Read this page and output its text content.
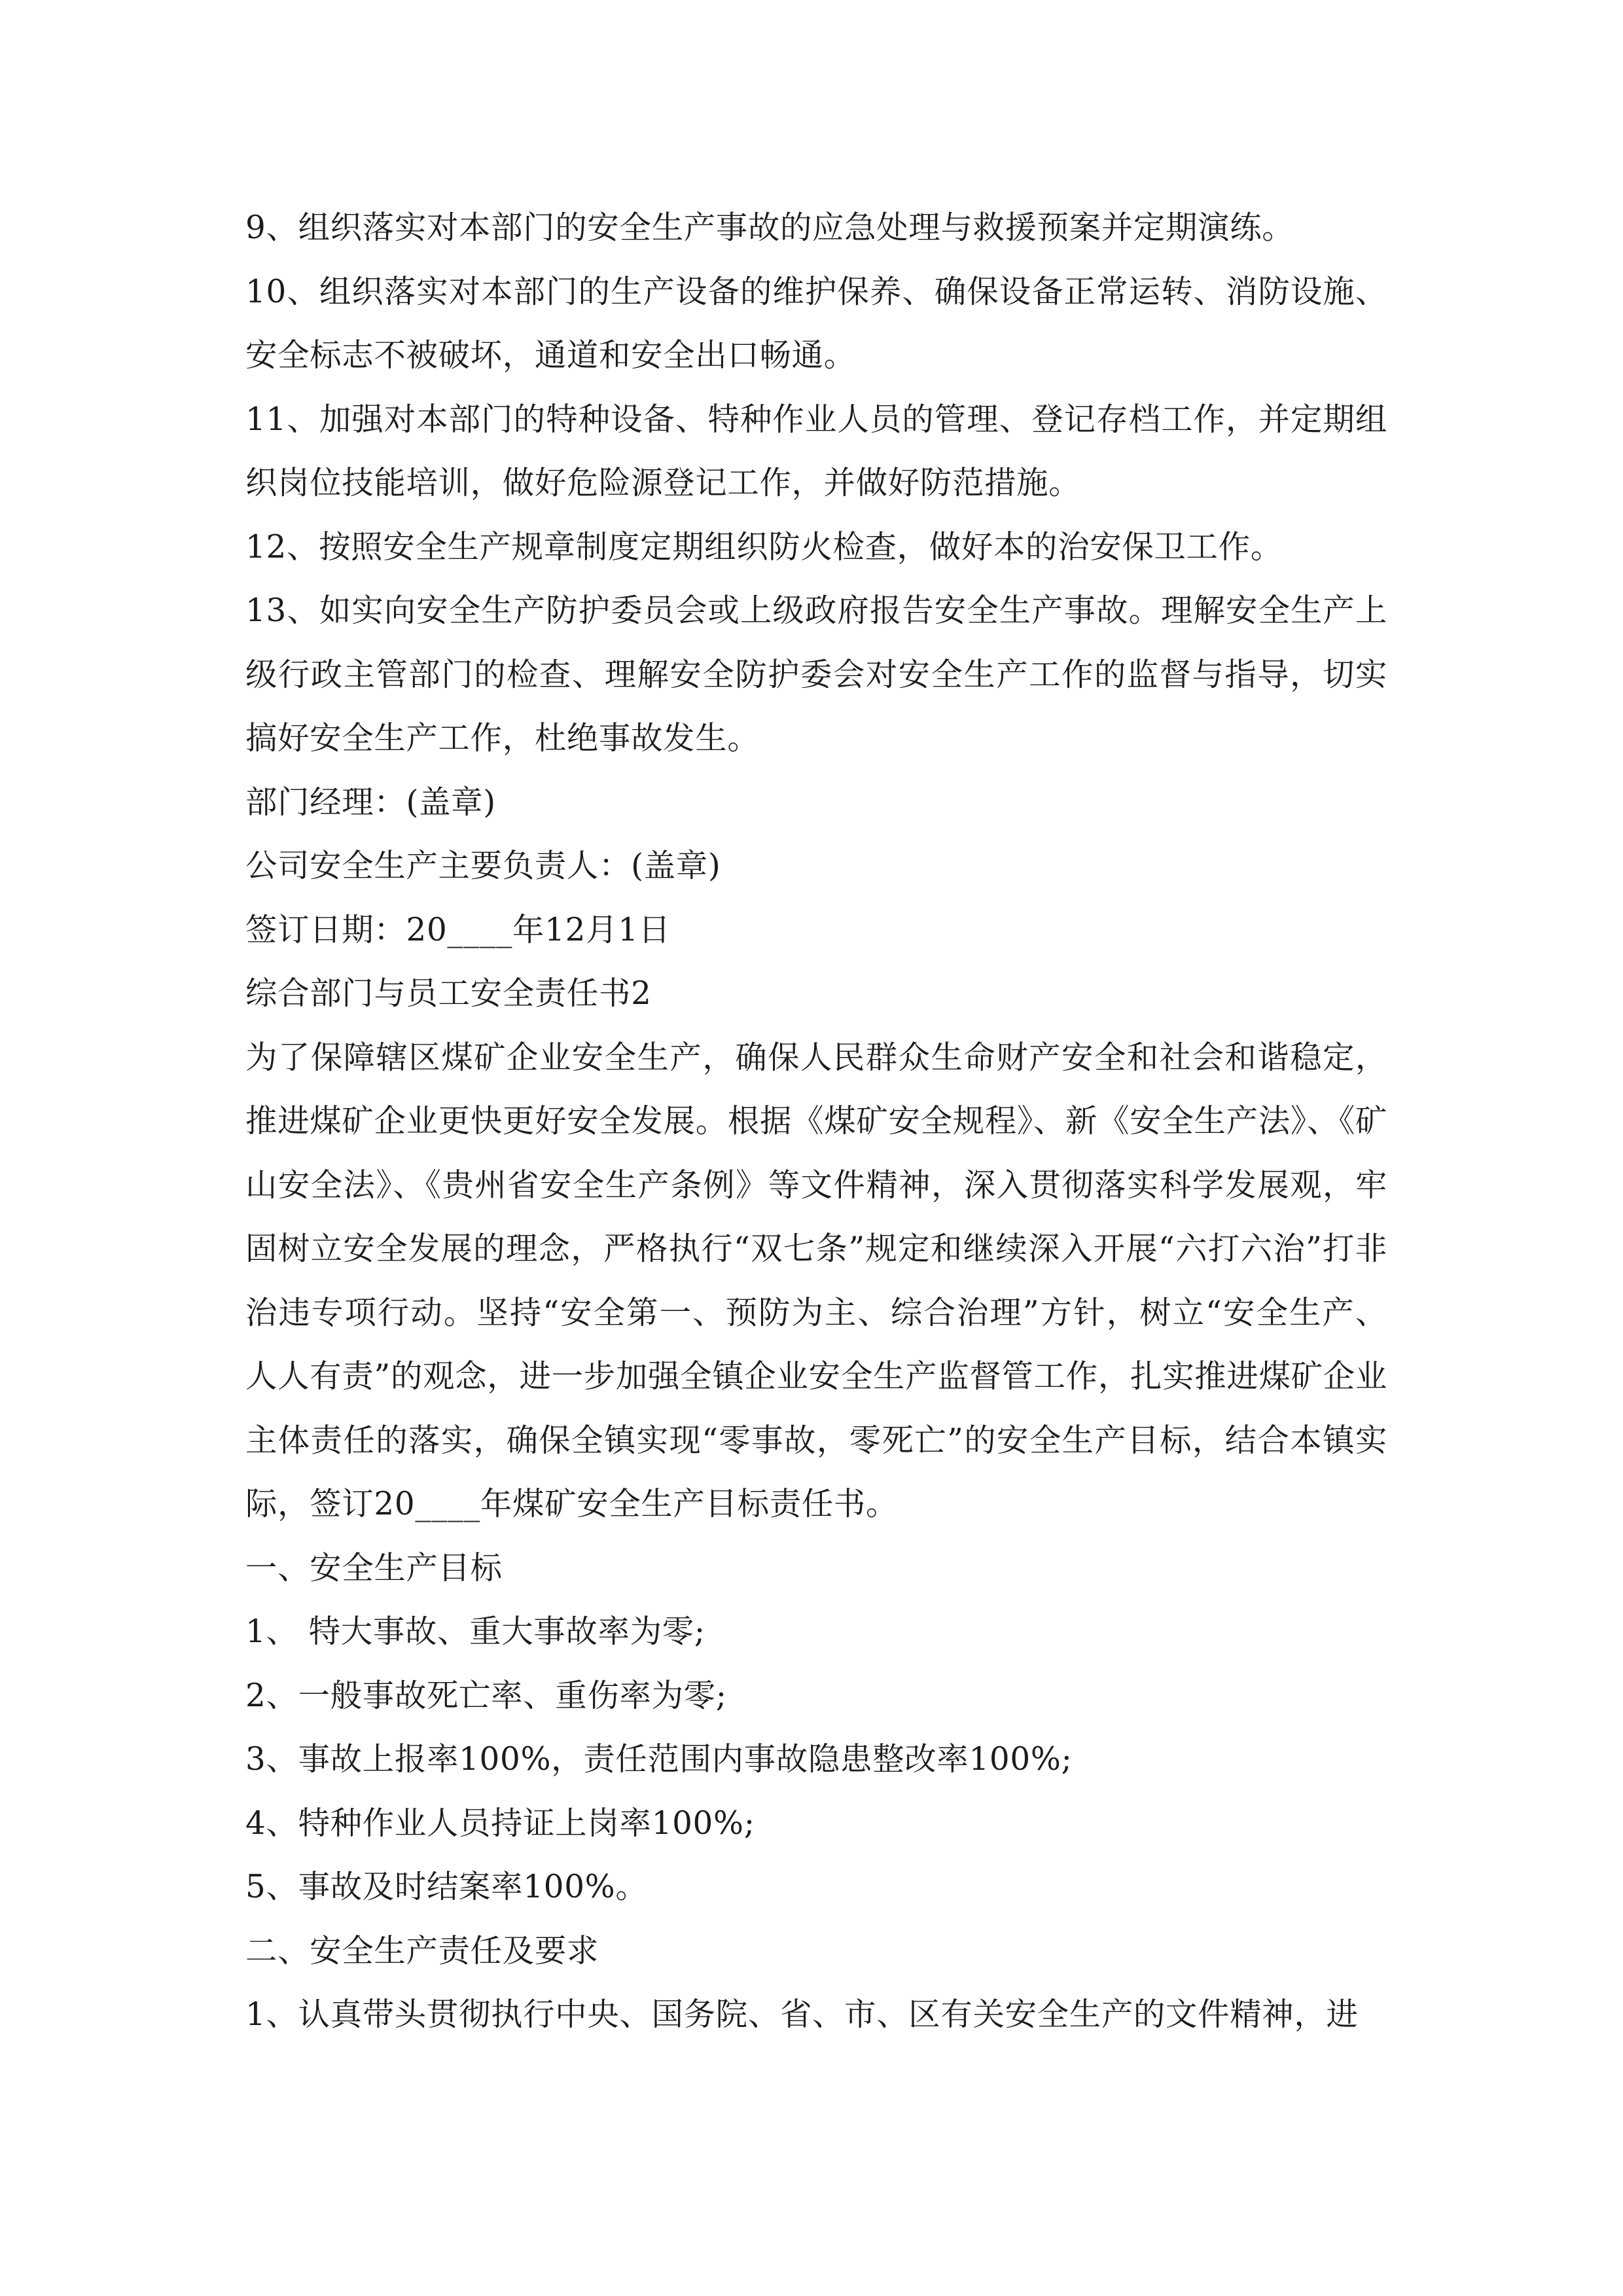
9、组织落实对本部门的安全生产事故的应急处理与救援预案并定期演练。

10、组织落实对本部门的生产设备的维护保养、确保设备正常运转、消防设施、安全标志不被破坏，通道和安全出口畅通。

11、加强对本部门的特种设备、特种作业人员的管理、登记存档工作，并定期组织岗位技能培训，做好危险源登记工作，并做好防范措施。

12、按照安全生产规章制度定期组织防火检查，做好本的治安保卫工作。

13、如实向安全生产防护委员会或上级政府报告安全生产事故。理解安全生产上级行政主管部门的检查、理解安全防护委会对安全生产工作的监督与指导，切实搞好安全生产工作，杜绝事故发生。

部门经理：(盖章)

公司安全生产主要负责人：(盖章)

签订日期：20____年12月1日

综合部门与员工安全责任书2

为了保障辖区煤矿企业安全生产，确保人民群众生命财产安全和社会和谐稳定，推进煤矿企业更快更好安全发展。根据《煤矿安全规程》、新《安全生产法》、《矿山安全法》、《贵州省安全生产条例》等文件精神，深入贯彻落实科学发展观，牢固树立安全发展的理念，严格执行“双七条”规定和继续深入开展“六打六治”打非治违专项行动。坚持“安全第一、预防为主、综合治理”方针，树立“安全生产、人人有责”的观念，进一步加强全镇企业安全生产监督管工作，扎实推进煤矿企业主体责任的落实，确保全镇实现“零事故，零死亡”的安全生产目标，结合本镇实际，签订20____年煤矿安全生产目标责任书。

一、安全生产目标

1、 特大事故、重大事故率为零;

2、一般事故死亡率、重伤率为零;

3、事故上报率100%，责任范围内事故隐患整改率100%;

4、特种作业人员持证上岗率100%;

5、事故及时结案率100%。

二、安全生产责任及要求

1、认真带头贯彻执行中央、国务院、省、市、区有关安全生产的文件精神，进
